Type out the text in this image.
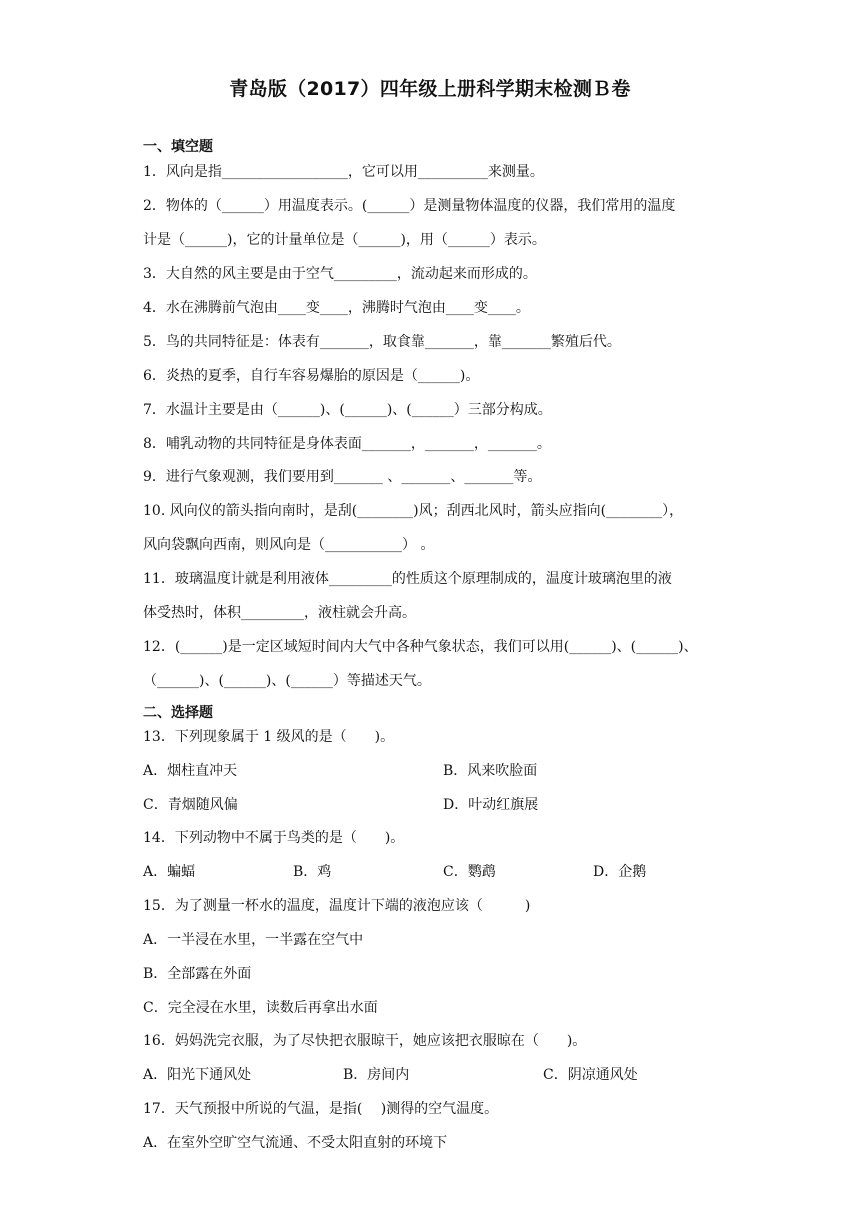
青岛版（2017）四年级上册科学期末检测Ｂ卷
一、填空题
1．风向是指__________________，它可以用__________来测量。
2．物体的（______）用温度表示。(______）是测量物体温度的仪器，我们常用的温度
计是（______)，它的计量单位是（______)，用（______）表示。
3．大自然的风主要是由于空气_________，流动起来而形成的。
4．水在沸腾前气泡由____变____，沸腾时气泡由____变____。
5．鸟的共同特征是：体表有_______，取食靠_______，靠_______繁殖后代。
6．炎热的夏季，自行车容易爆胎的原因是（______)。
7．水温计主要是由（______)、(______)、(______）三部分构成。
8．哺乳动物的共同特征是身体表面_______，_______，_______。
9．进行气象观测，我们要用到_______ 、_______、_______等。
10. 风向仪的箭头指向南时，是刮(________)风；刮西北风时，箭头应指向(________），
风向袋飘向西南，则风向是（___________） 。
11．玻璃温度计就是利用液体_________的性质这个原理制成的，温度计玻璃泡里的液
体受热时，体积_________，液柱就会升高。
12．(______)是一定区域短时间内大气中各种气象状态，我们可以用(______)、(______)、
（______)、(______)、(______）等描述天气。
二、选择题
13．下列现象属于 1 级风的是（　　)。
A．烟柱直冲天	B．风来吹脸面
C．青烟随风偏	D．叶动红旗展
14．下列动物中不属于鸟类的是（　　)。
A．蝙蝠	B．鸡	C．鹦鹉	D．企鹅
15．为了测量一杯水的温度，温度计下端的液泡应该（　　　)
A．一半浸在水里，一半露在空气中
B．全部露在外面
C．完全浸在水里，读数后再拿出水面
16．妈妈洗完衣服，为了尽快把衣服晾干，她应该把衣服晾在（　　)。
A．阳光下通风处	B．房间内	C．阴凉通风处
17．天气预报中所说的气温，是指(　 )测得的空气温度。
A．在室外空旷空气流通、不受太阳直射的环境下
